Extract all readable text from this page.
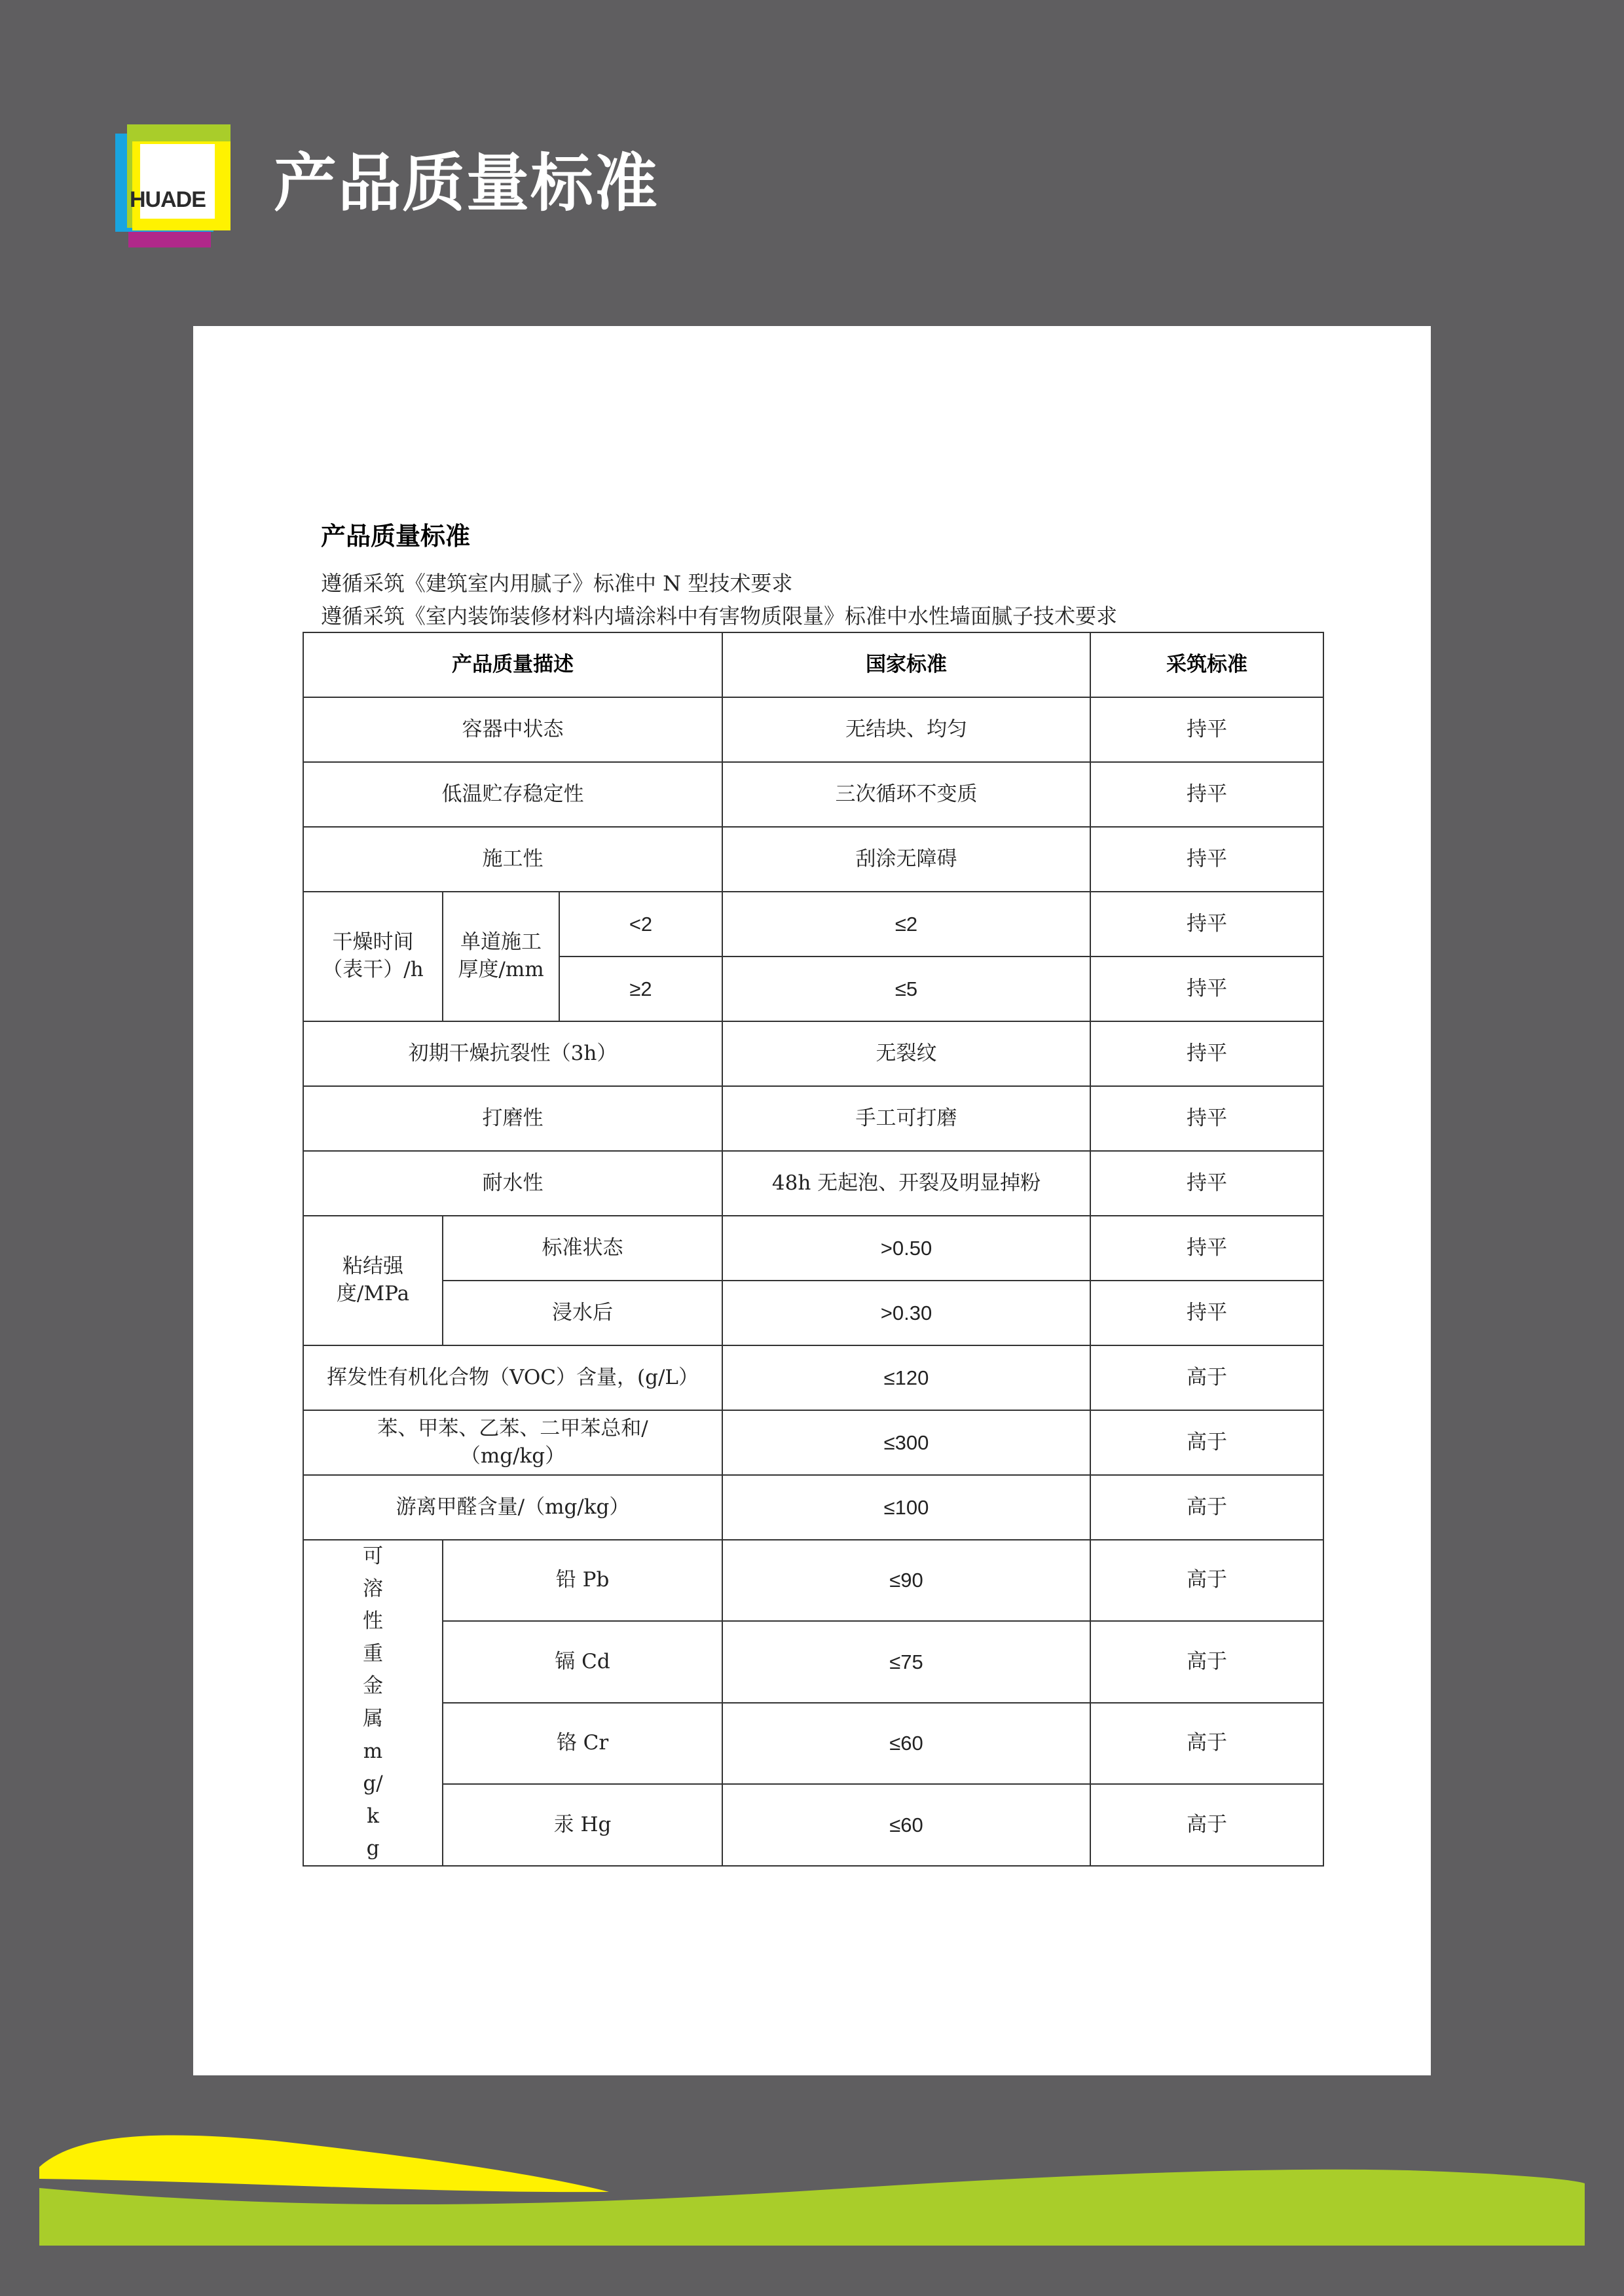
HUADE	产品质量标准
产品质量标准
遵循采筑《建筑室内用腻子》标准中 N 型技术要求
遵循采筑《室内装饰装修材料内墙涂料中有害物质限量》标准中水性墙面腻子技术要求
产品质量描述			国家标准	采筑标准
容器中状态			无结块、均匀	持平
低温贮存稳定性			三次循环不变质	持平
施工性			刮涂无障碍	持平
干燥时间（表干）/h	单道施工厚度/mm	<2	≤2	持平
		≥2	≤5	持平
初期干燥抗裂性（3h）			无裂纹	持平
打磨性			手工可打磨	持平
耐水性			48h 无起泡、开裂及明显掉粉	持平
粘结强度/MPa	标准状态		>0.50	持平
	浸水后		>0.30	持平
挥发性有机化合物（VOC）含量，(g/L）			≤120	高于
苯、甲苯、乙苯、二甲苯总和/（mg/kg）			≤300	高于
游离甲醛含量/（mg/kg）			≤100	高于
可溶性重金属mg/kg	铅 Pb		≤90	高于
	镉 Cd		≤75	高于
	铬 Cr		≤60	高于
	汞 Hg		≤60	高于
